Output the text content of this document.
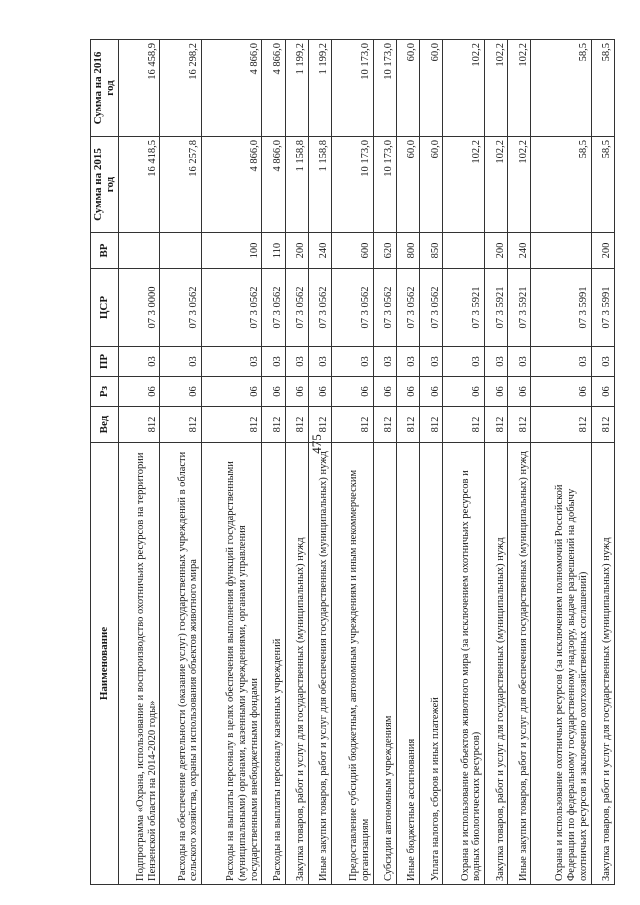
475
Наименование	Вед	Рз	ПР	ЦСР	ВР	Сумма на 2015 год	Сумма на 2016 год
Подпрограмма «Охрана, использование и воспроизводство охотничьих ресурсов на территории Пензенской области на 2014-2020 годы»	812	06	03	07 3 0000		16 418,5	16 458,9
Расходы на обеспечение деятельности (оказание услуг) государственных учреждений в области сельского хозяйства, охраны и использования объектов животного мира	812	06	03	07 3 0562		16 257,8	16 298,2
Расходы на выплаты персоналу в целях обеспечения выполнения функций государственными (муниципальными) органами, казенными учреждениями, органами управления государственными внебюджетными фондами	812	06	03	07 3 0562	100	4 866,0	4 866,0
Расходы на выплаты персоналу казенных учреждений	812	06	03	07 3 0562	110	4 866,0	4 866,0
Закупка товаров, работ и услуг для государственных (муниципальных) нужд	812	06	03	07 3 0562	200	1 158,8	1 199,2
Иные закупки товаров, работ и услуг для обеспечения государственных (муниципальных) нужд	812	06	03	07 3 0562	240	1 158,8	1 199,2
Предоставление субсидий бюджетным, автономным учреждениям и иным некоммерческим организациям	812	06	03	07 3 0562	600	10 173,0	10 173,0
Субсидии автономным учреждениям	812	06	03	07 3 0562	620	10 173,0	10 173,0
Иные бюджетные ассигнования	812	06	03	07 3 0562	800	60,0	60,0
Уплата налогов, сборов и иных платежей	812	06	03	07 3 0562	850	60,0	60,0
Охрана и использование объектов животного мира (за исключением охотничьих ресурсов и водных биологических ресурсов)	812	06	03	07 3 5921		102,2	102,2
Закупка товаров, работ и услуг для государственных (муниципальных) нужд	812	06	03	07 3 5921	200	102,2	102,2
Иные закупки товаров, работ и услуг для обеспечения государственных (муниципальных) нужд	812	06	03	07 3 5921	240	102,2	102,2
Охрана и использование охотничьих ресурсов (за исключением полномочий Российской Федерации по федеральному государственному надзору, выдаче разрешений на добычу охотничьих ресурсов и заключению охотхозяйственных соглашений)	812	06	03	07 3 5991		58,5	58,5
Закупка товаров, работ и услуг для государственных (муниципальных) нужд	812	06	03	07 3 5991	200	58,5	58,5
